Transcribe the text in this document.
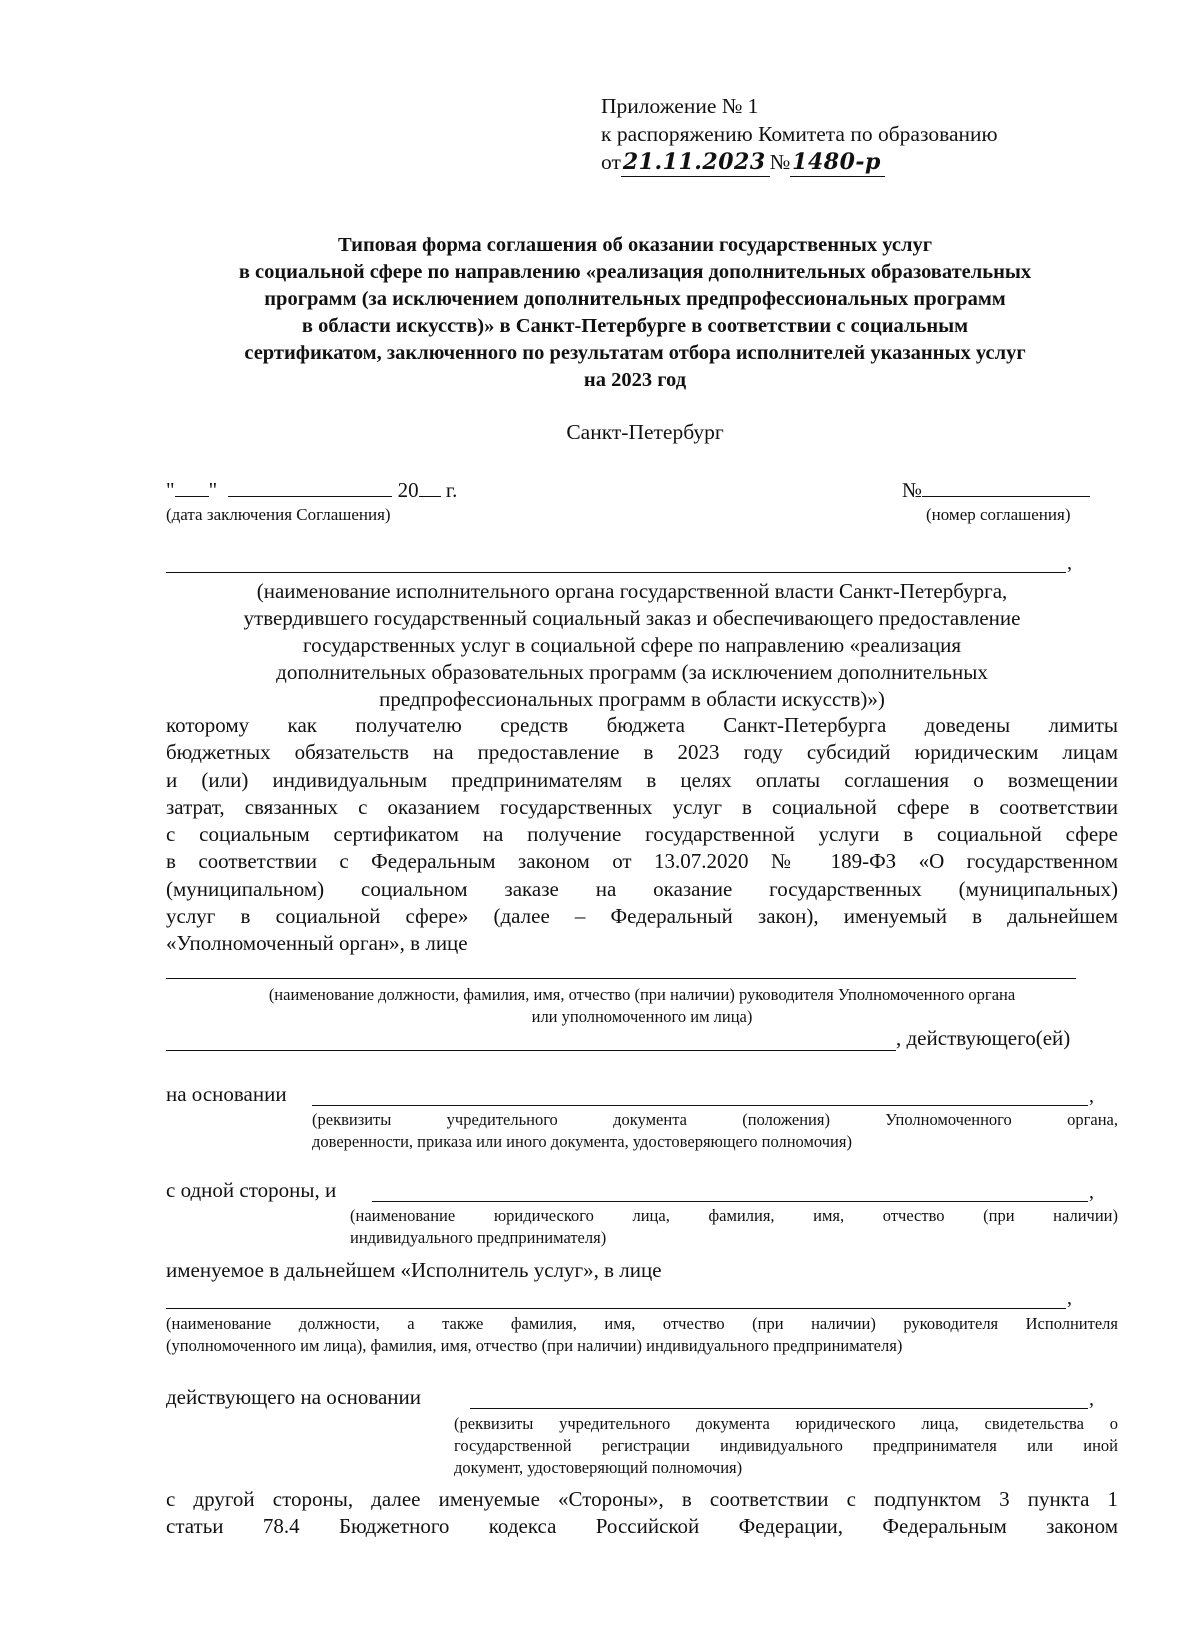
Приложение № 1
к распоряжению Комитета по образованию
от21.11.2023 №1480-р
Типовая форма соглашения об оказании государственных услуг
в социальной сфере по направлению «реализация дополнительных образовательных
программ (за исключением дополнительных предпрофессиональных программ
в области искусств)» в Санкт-Петербурге в соответствии с социальным
сертификатом, заключенного по результатам отбора исполнителей указанных услуг
на 2023 год
Санкт-Петербург
" "	20 г.
(дата заключения Соглашения)
№
(номер соглашения)
,
(наименование исполнительного органа государственной власти Санкт-Петербурга,
утвердившего государственный социальный заказ и обеспечивающего предоставление
государственных услуг в социальной сфере по направлению «реализация
дополнительных образовательных программ (за исключением дополнительных
предпрофессиональных программ в области искусств)»)
которому как получателю средств бюджета Санкт-Петербурга доведены лимиты
бюджетных обязательств на предоставление в 2023 году субсидий юридическим лицам
и (или) индивидуальным предпринимателям в целях оплаты соглашения о возмещении
затрат, связанных с оказанием государственных услуг в социальной сфере в соответствии
с социальным сертификатом на получение государственной услуги в социальной сфере
в соответствии с Федеральным законом от 13.07.2020 № 189-ФЗ «О государственном
(муниципальном) социальном заказе на оказание государственных (муниципальных)
услуг в социальной сфере» (далее – Федеральный закон), именуемый в дальнейшем
«Уполномоченный орган», в лице
(наименование должности, фамилия, имя, отчество (при наличии) руководителя Уполномоченного органа
или уполномоченного им лица)
, действующего(ей)
на основании	,
(реквизиты учредительного документа (положения) Уполномоченного органа,
доверенности, приказа или иного документа, удостоверяющего полномочия)
с одной стороны, и	,
(наименование юридического лица, фамилия, имя, отчество (при наличии)
индивидуального предпринимателя)
именуемое в дальнейшем «Исполнитель услуг», в лице
,
(наименование должности, а также фамилия, имя, отчество (при наличии) руководителя Исполнителя
(уполномоченного им лица), фамилия, имя, отчество (при наличии) индивидуального предпринимателя)
действующего на основании	,
(реквизиты учредительного документа юридического лица, свидетельства о
государственной регистрации индивидуального предпринимателя или иной
документ, удостоверяющий полномочия)
с другой стороны, далее именуемые «Стороны», в соответствии с подпунктом 3 пункта 1
статьи 78.4 Бюджетного кодекса Российской Федерации, Федеральным законом
